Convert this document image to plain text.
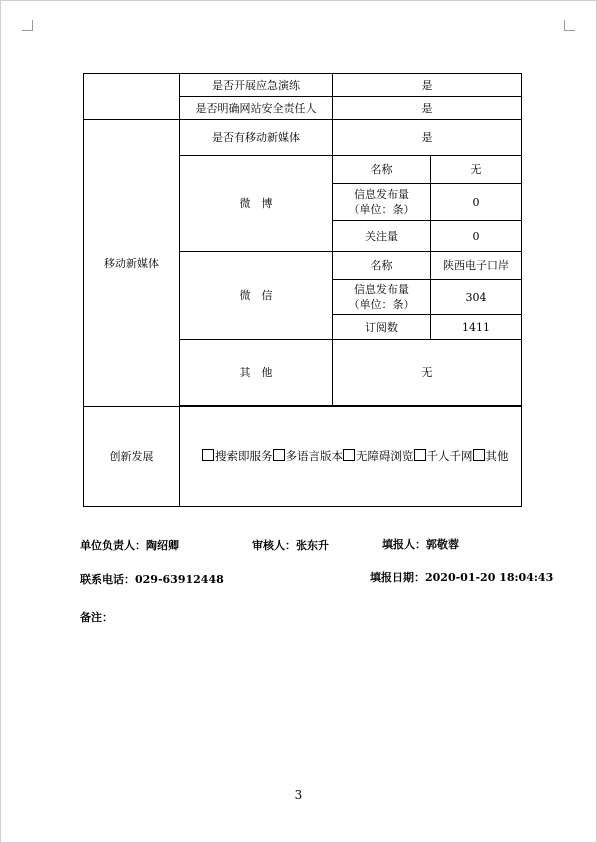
	是否开展应急演练	是	
	是否明确网站安全责任人	是	
移动新媒体	是否有移动新媒体	是	
	微　博	名称	无
		信息发布量
（单位：条）	0
		关注量	0
	微　信	名称	陕西电子口岸
		信息发布量
（单位：条）	304
		订阅数	1411
	其　他	无	

创新发展	搜索即服务 多语言版本 无障碍浏览 千人千网 其他		
单位负责人：陶绍卿	审核人：张东升	填报人：郭敬蓉
联系电话：029-63912448	填报日期：2020-01-20 18:04:43
备注：
3
